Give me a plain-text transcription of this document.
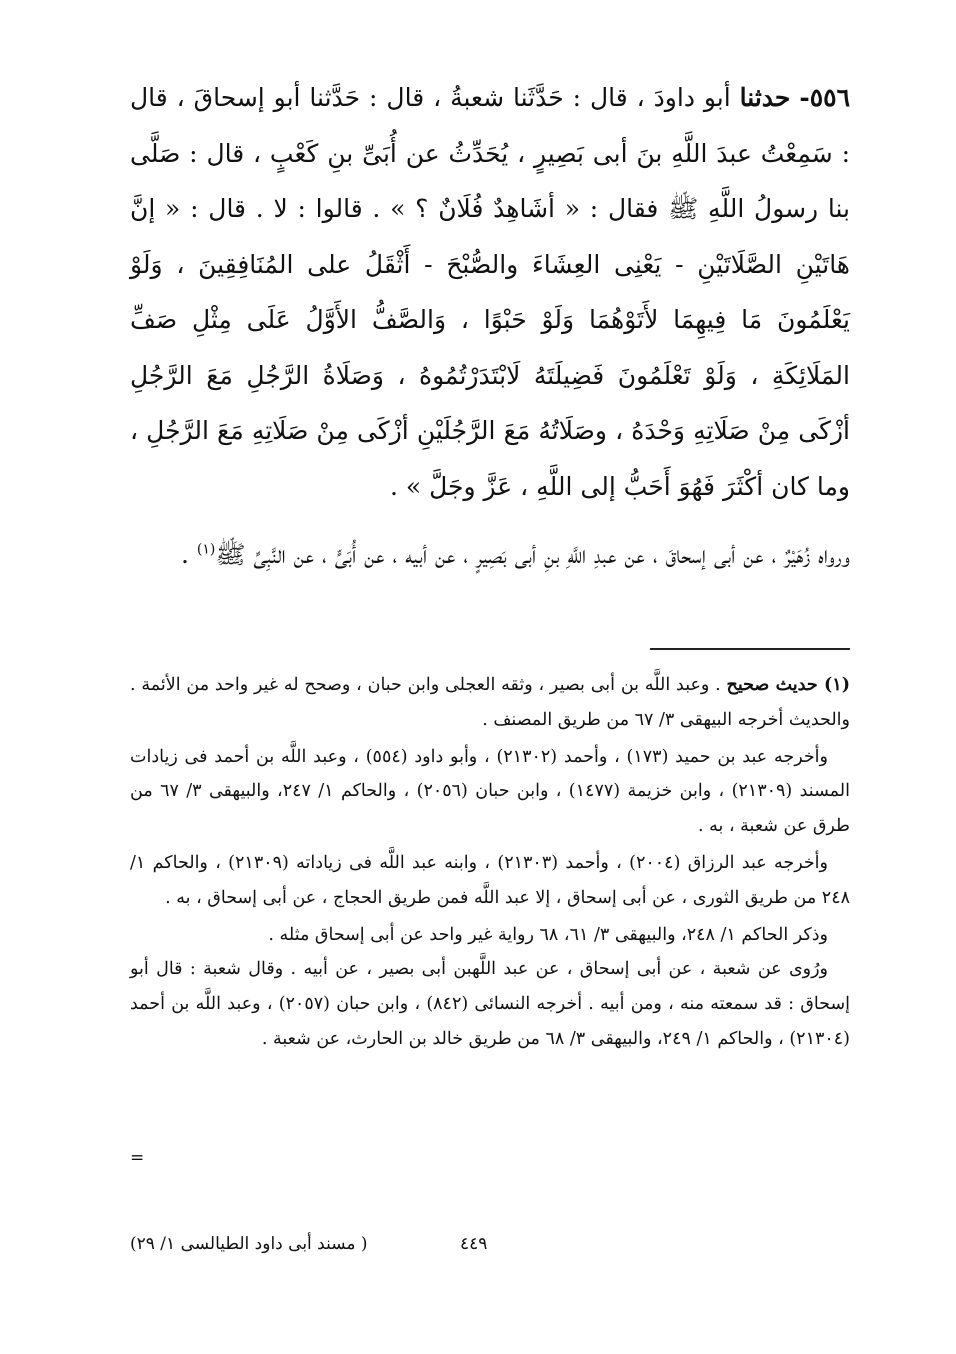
٥٥٦- حدثنا أبو داودَ ، قال : حَدَّثَنا شعبةُ ، قال : حَدَّثنا أبو إسحاقَ ، قال : سَمِعْتُ عبدَ اللَّهِ بنَ أبى بَصِيرٍ ، يُحَدِّثُ عن أُبَىِّ بنِ كَعْبٍ ، قال : صَلَّى بنا رسولُ اللَّهِ ﷺ فقال : « أشَاهِدٌ فُلَانٌ ؟ » . قالوا : لا . قال : « إنَّ هَاتَيْنِ الصَّلَاتَيْنِ - يَعْنِى العِشَاءَ والصُّبْحَ - أَثْقَلُ على المُنَافِقِينَ ، وَلَوْ يَعْلَمُونَ مَا فِيهِمَا لأَتَوْهُمَا وَلَوْ حَبْوًا ، وَالصَّفُّ الأَوَّلُ عَلَى مِثْلِ صَفِّ المَلَائِكَةِ ، وَلَوْ تَعْلَمُونَ فَضِيلَتَهُ لَابْتَدَرْتُمُوهُ ، وَصَلَاةُ الرَّجُلِ مَعَ الرَّجُلِ أزْكَى مِنْ صَلَاتِهِ وَحْدَهُ ، وصَلَاتُهُ مَعَ الرَّجُلَيْنِ أزْكَى مِنْ صَلَاتِهِ مَعَ الرَّجُلِ ، وما كان أكْثَرَ فَهُوَ أَحَبُّ إلى اللَّهِ ، عَزَّ وجَلَّ » .

ورواه زُهَيْرٌ ، عن أبى إسحاقَ ، عن عبدِ اللَّهِ بنِ أبى بَصِيرٍ ، عن أبيه ، عن أُبَىٍّ ، عن النَّبِىِّ ﷺ$^{(١)}$ .

(١) حديث صحيح . وعبد اللَّه بن أبى بصير ، وثقه العجلى وابن حبان ، وصحح له غير واحد من الأئمة . والحديث أخرجه البيهقى ٣/ ٦٧ من طريق المصنف .

وأخرجه عبد بن حميد (١٧٣) ، وأحمد (٢١٣٠٢) ، وأبو داود (٥٥٤) ، وعبد اللَّه بن أحمد فى زيادات المسند (٢١٣٠٩) ، وابن خزيمة (١٤٧٧) ، وابن حبان (٢٠٥٦) ، والحاكم ١/ ٢٤٧، والبيهقى ٣/ ٦٧ من طرق عن شعبة ، به .

وأخرجه عبد الرزاق (٢٠٠٤) ، وأحمد (٢١٣٠٣) ، وابنه عبد اللَّه فى زياداته (٢١٣٠٩) ، والحاكم ١/ ٢٤٨ من طريق الثورى ، عن أبى إسحاق ، إلا عبد اللَّه فمن طريق الحجاج ، عن أبى إسحاق ، به .

وذكر الحاكم ١/ ٢٤٨، والبيهقى ٣/ ٦١، ٦٨ رواية غير واحد عن أبى إسحاق مثله .

ورُوى عن شعبة ، عن أبى إسحاق ، عن عبد اللَّهبن أبى بصير ، عن أبيه . وقال شعبة : قال أبو إسحاق : قد سمعته منه ، ومن أبيه . أخرجه النسائى (٨٤٢) ، وابن حبان (٢٠٥٧) ، وعبد اللَّه بن أحمد (٢١٣٠٤) ، والحاكم ١/ ٢٤٩، والبيهقى ٣/ ٦٨ من طريق خالد بن الحارث، عن شعبة .

=
٤٤٩
( مسند أبى داود الطيالسى ١/ ٢٩)
